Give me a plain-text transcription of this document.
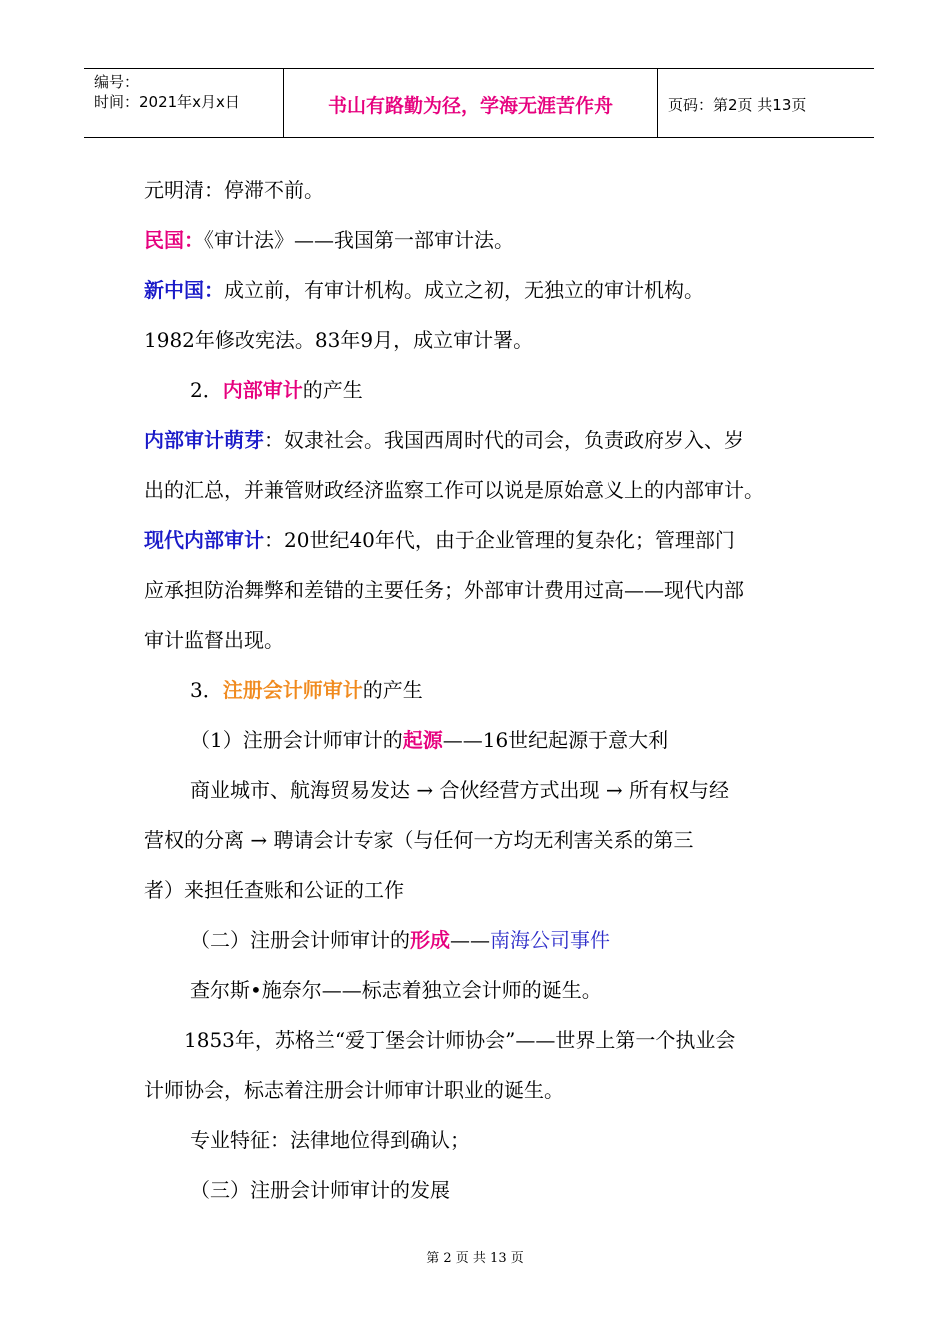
编号：
时间：2021年x月x日	书山有路勤为径，学海无涯苦作舟	页码：第2页 共13页
元明清：停滞不前。
民国：《审计法》——我国第一部审计法。
新中国：成立前，有审计机构。成立之初，无独立的审计机构。
1982年修改宪法。83年9月，成立审计署。
2．内部审计的产生
内部审计萌芽：奴隶社会。我国西周时代的司会，负责政府岁入、岁
出的汇总，并兼管财政经济监察工作可以说是原始意义上的内部审计。
现代内部审计：20世纪40年代，由于企业管理的复杂化；管理部门
应承担防治舞弊和差错的主要任务；外部审计费用过高——现代内部
审计监督出现。
3．注册会计师审计的产生
（1）注册会计师审计的起源——16世纪起源于意大利
商业城市、航海贸易发达 → 合伙经营方式出现 → 所有权与经
营权的分离 → 聘请会计专家（与任何一方均无利害关系的第三
者）来担任查账和公证的工作
（二）注册会计师审计的形成——南海公司事件
查尔斯•施奈尔——标志着独立会计师的诞生。
1853年，苏格兰“爱丁堡会计师协会”——世界上第一个执业会
计师协会，标志着注册会计师审计职业的诞生。
专业特征：法律地位得到确认；
（三）注册会计师审计的发展
第 2 页 共 13 页
